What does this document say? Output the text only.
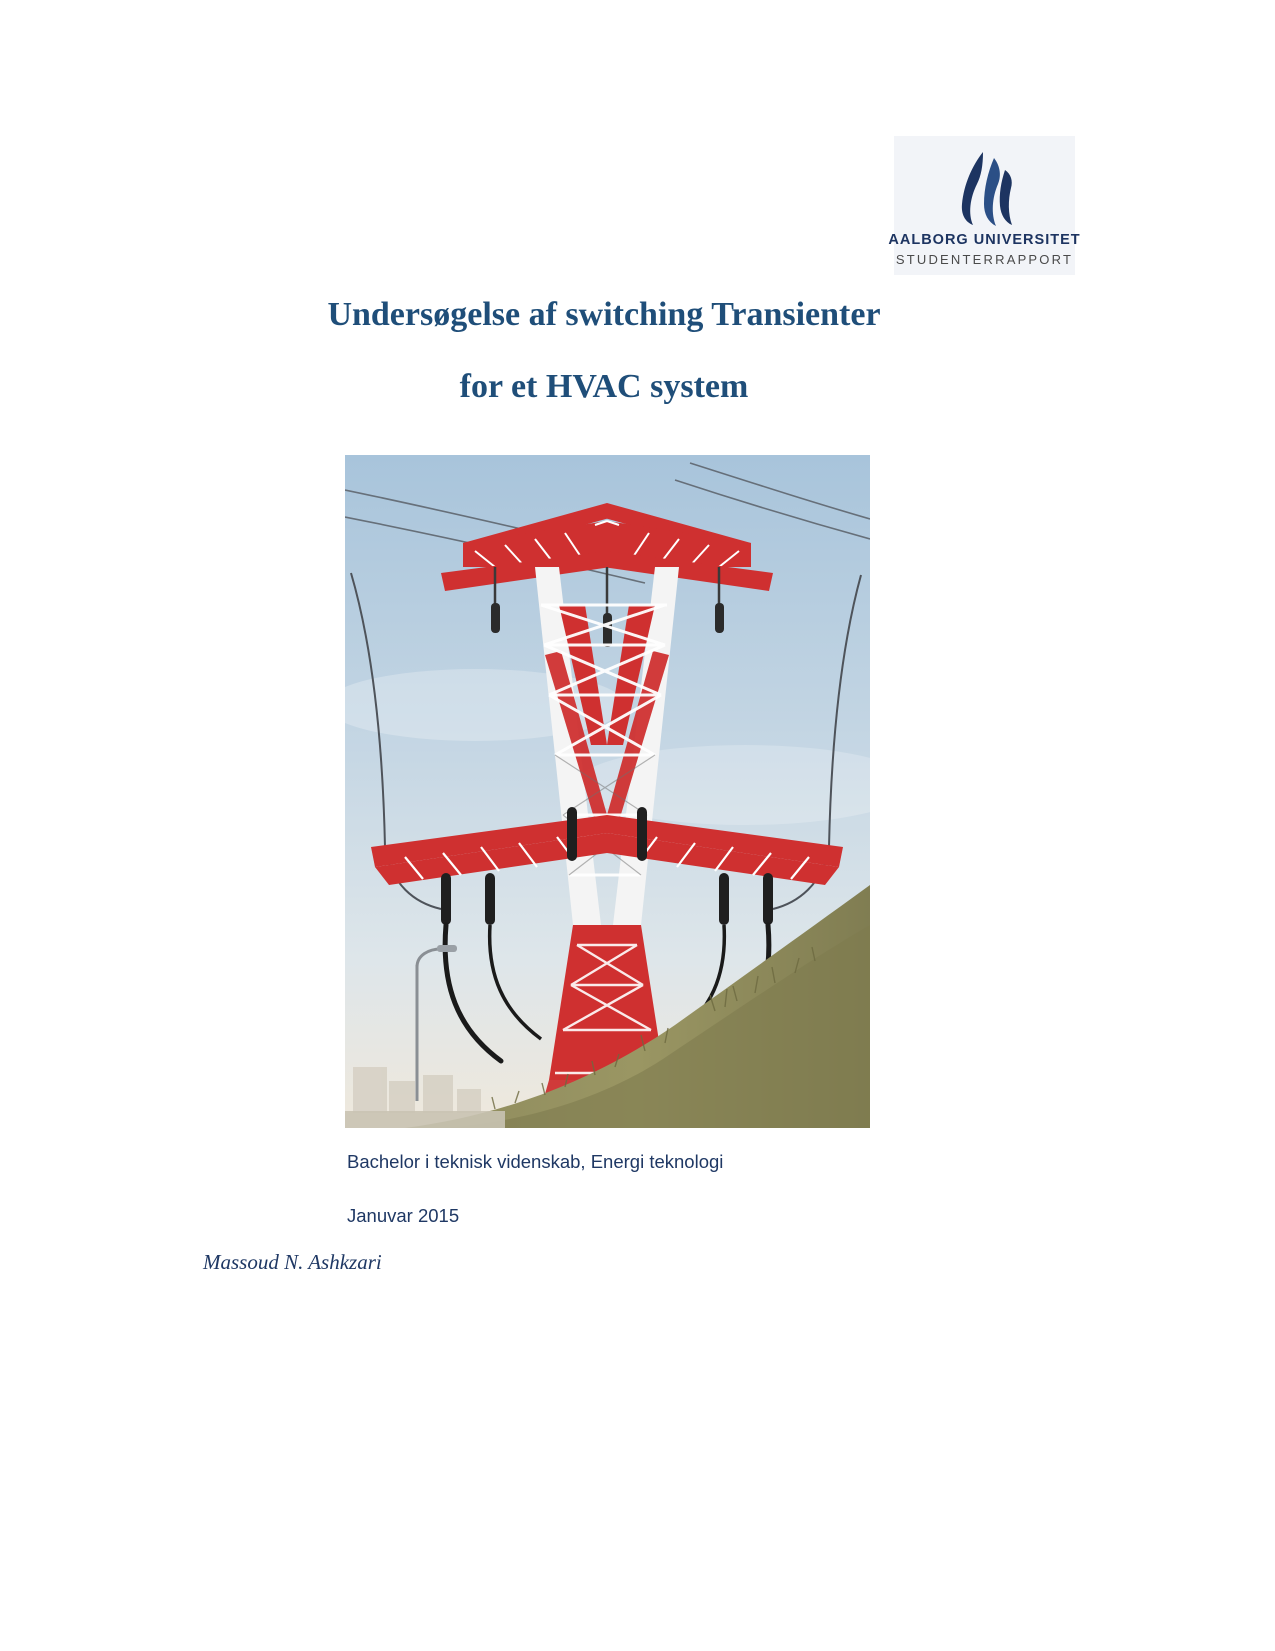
AALBORG UNIVERSITET
STUDENTERRAPPORT
Undersøgelse af switching Transienter
for et HVAC system
Bachelor i teknisk videnskab, Energi teknologi
Januvar 2015
Massoud N. Ashkzari
